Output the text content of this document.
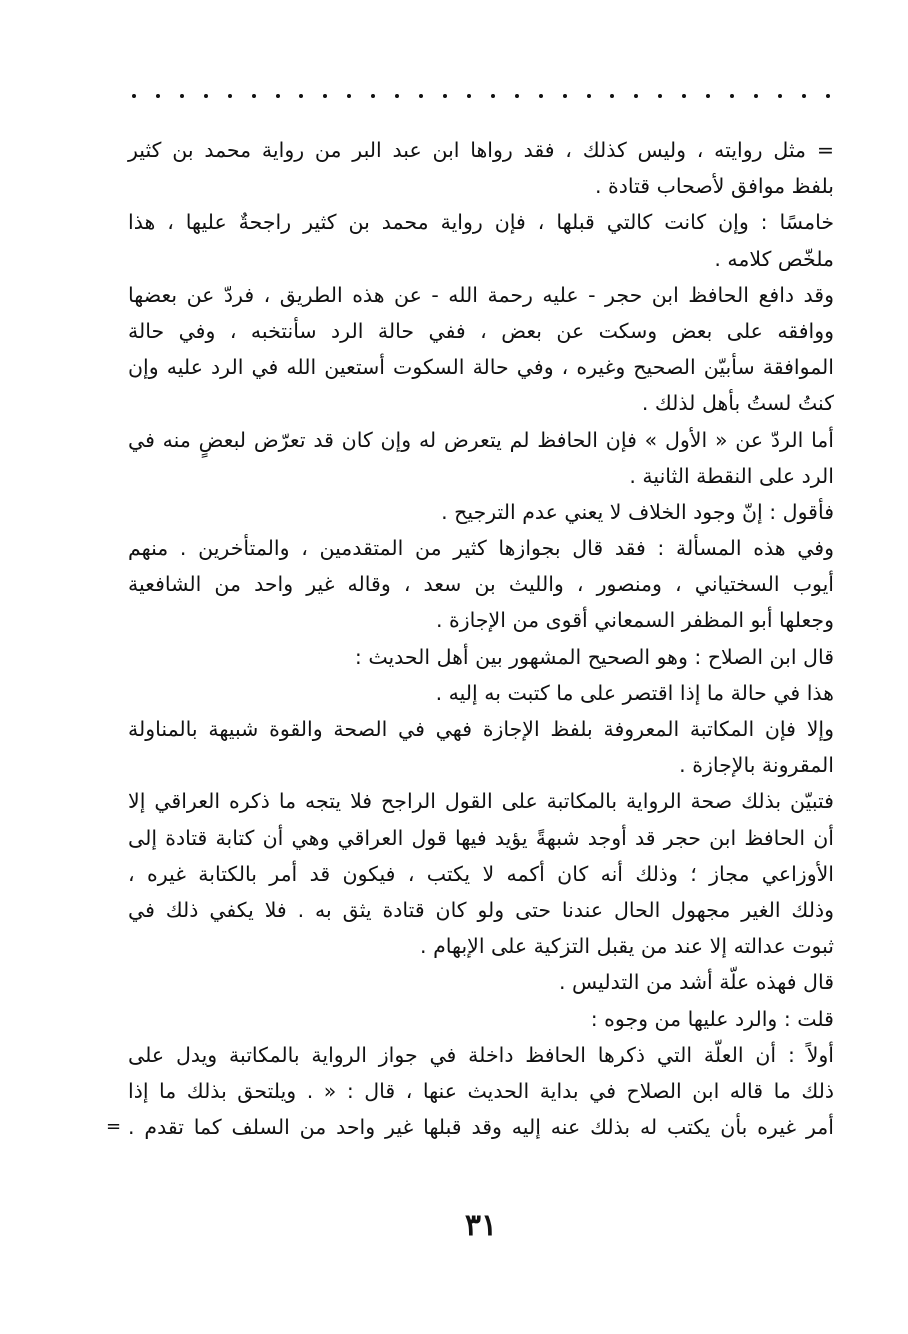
= مثل روايته ، وليس كذلك ، فقد رواها ابن عبد البر من رواية محمد بن كثير
بلفظ موافق لأصحاب قتادة .
خامسًا : وإن كانت كالتي قبلها ، فإن رواية محمد بن كثير راجحةٌ عليها ، هذا
ملخّص كلامه .
وقد دافع الحافظ ابن حجر - عليه رحمة الله - عن هذه الطريق ، فردّ عن بعضها
ووافقه على بعض وسكت عن بعض ، ففي حالة الرد سأنتخبه ، وفي حالة
الموافقة سأبيّن الصحيح وغيره ، وفي حالة السكوت أستعين الله في الرد عليه وإن
كنتُ لستُ بأهل لذلك .
أما الردّ عن « الأول » فإن الحافظ لم يتعرض له وإن كان قد تعرّض لبعضٍ منه في
الرد على النقطة الثانية .
فأقول : إنّ وجود الخلاف لا يعني عدم الترجيح .
وفي هذه المسألة : فقد قال بجوازها كثير من المتقدمين ، والمتأخرين . منهم
أيوب السختياني ، ومنصور ، والليث بن سعد ، وقاله غير واحد من الشافعية
وجعلها أبو المظفر السمعاني أقوى من الإجازة .
قال ابن الصلاح : وهو الصحيح المشهور بين أهل الحديث :
هذا في حالة ما إذا اقتصر على ما كتبت به إليه .
وإلا فإن المكاتبة المعروفة بلفظ الإجازة فهي في الصحة والقوة شبيهة بالمناولة
المقرونة بالإجازة .
فتبيّن بذلك صحة الرواية بالمكاتبة على القول الراجح فلا يتجه ما ذكره العراقي إلا
أن الحافظ ابن حجر قد أوجد شبهةً يؤيد فيها قول العراقي وهي أن كتابة قتادة إلى
الأوزاعي مجاز ؛ وذلك أنه كان أكمه لا يكتب ، فيكون قد أمر بالكتابة غيره ،
وذلك الغير مجهول الحال عندنا حتى ولو كان قتادة يثق به . فلا يكفي ذلك في
ثبوت عدالته إلا عند من يقبل التزكية على الإبهام .
قال فهذه علّة أشد من التدليس .
قلت : والرد عليها من وجوه :
أولاً : أن العلّة التي ذكرها الحافظ داخلة في جواز الرواية بالمكاتبة ويدل على
ذلك ما قاله ابن الصلاح في بداية الحديث عنها ، قال : « . ويلتحق بذلك ما إذا
أمر غيره بأن يكتب له بذلك عنه إليه وقد قبلها غير واحد من السلف كما تقدم .
=
٣١
